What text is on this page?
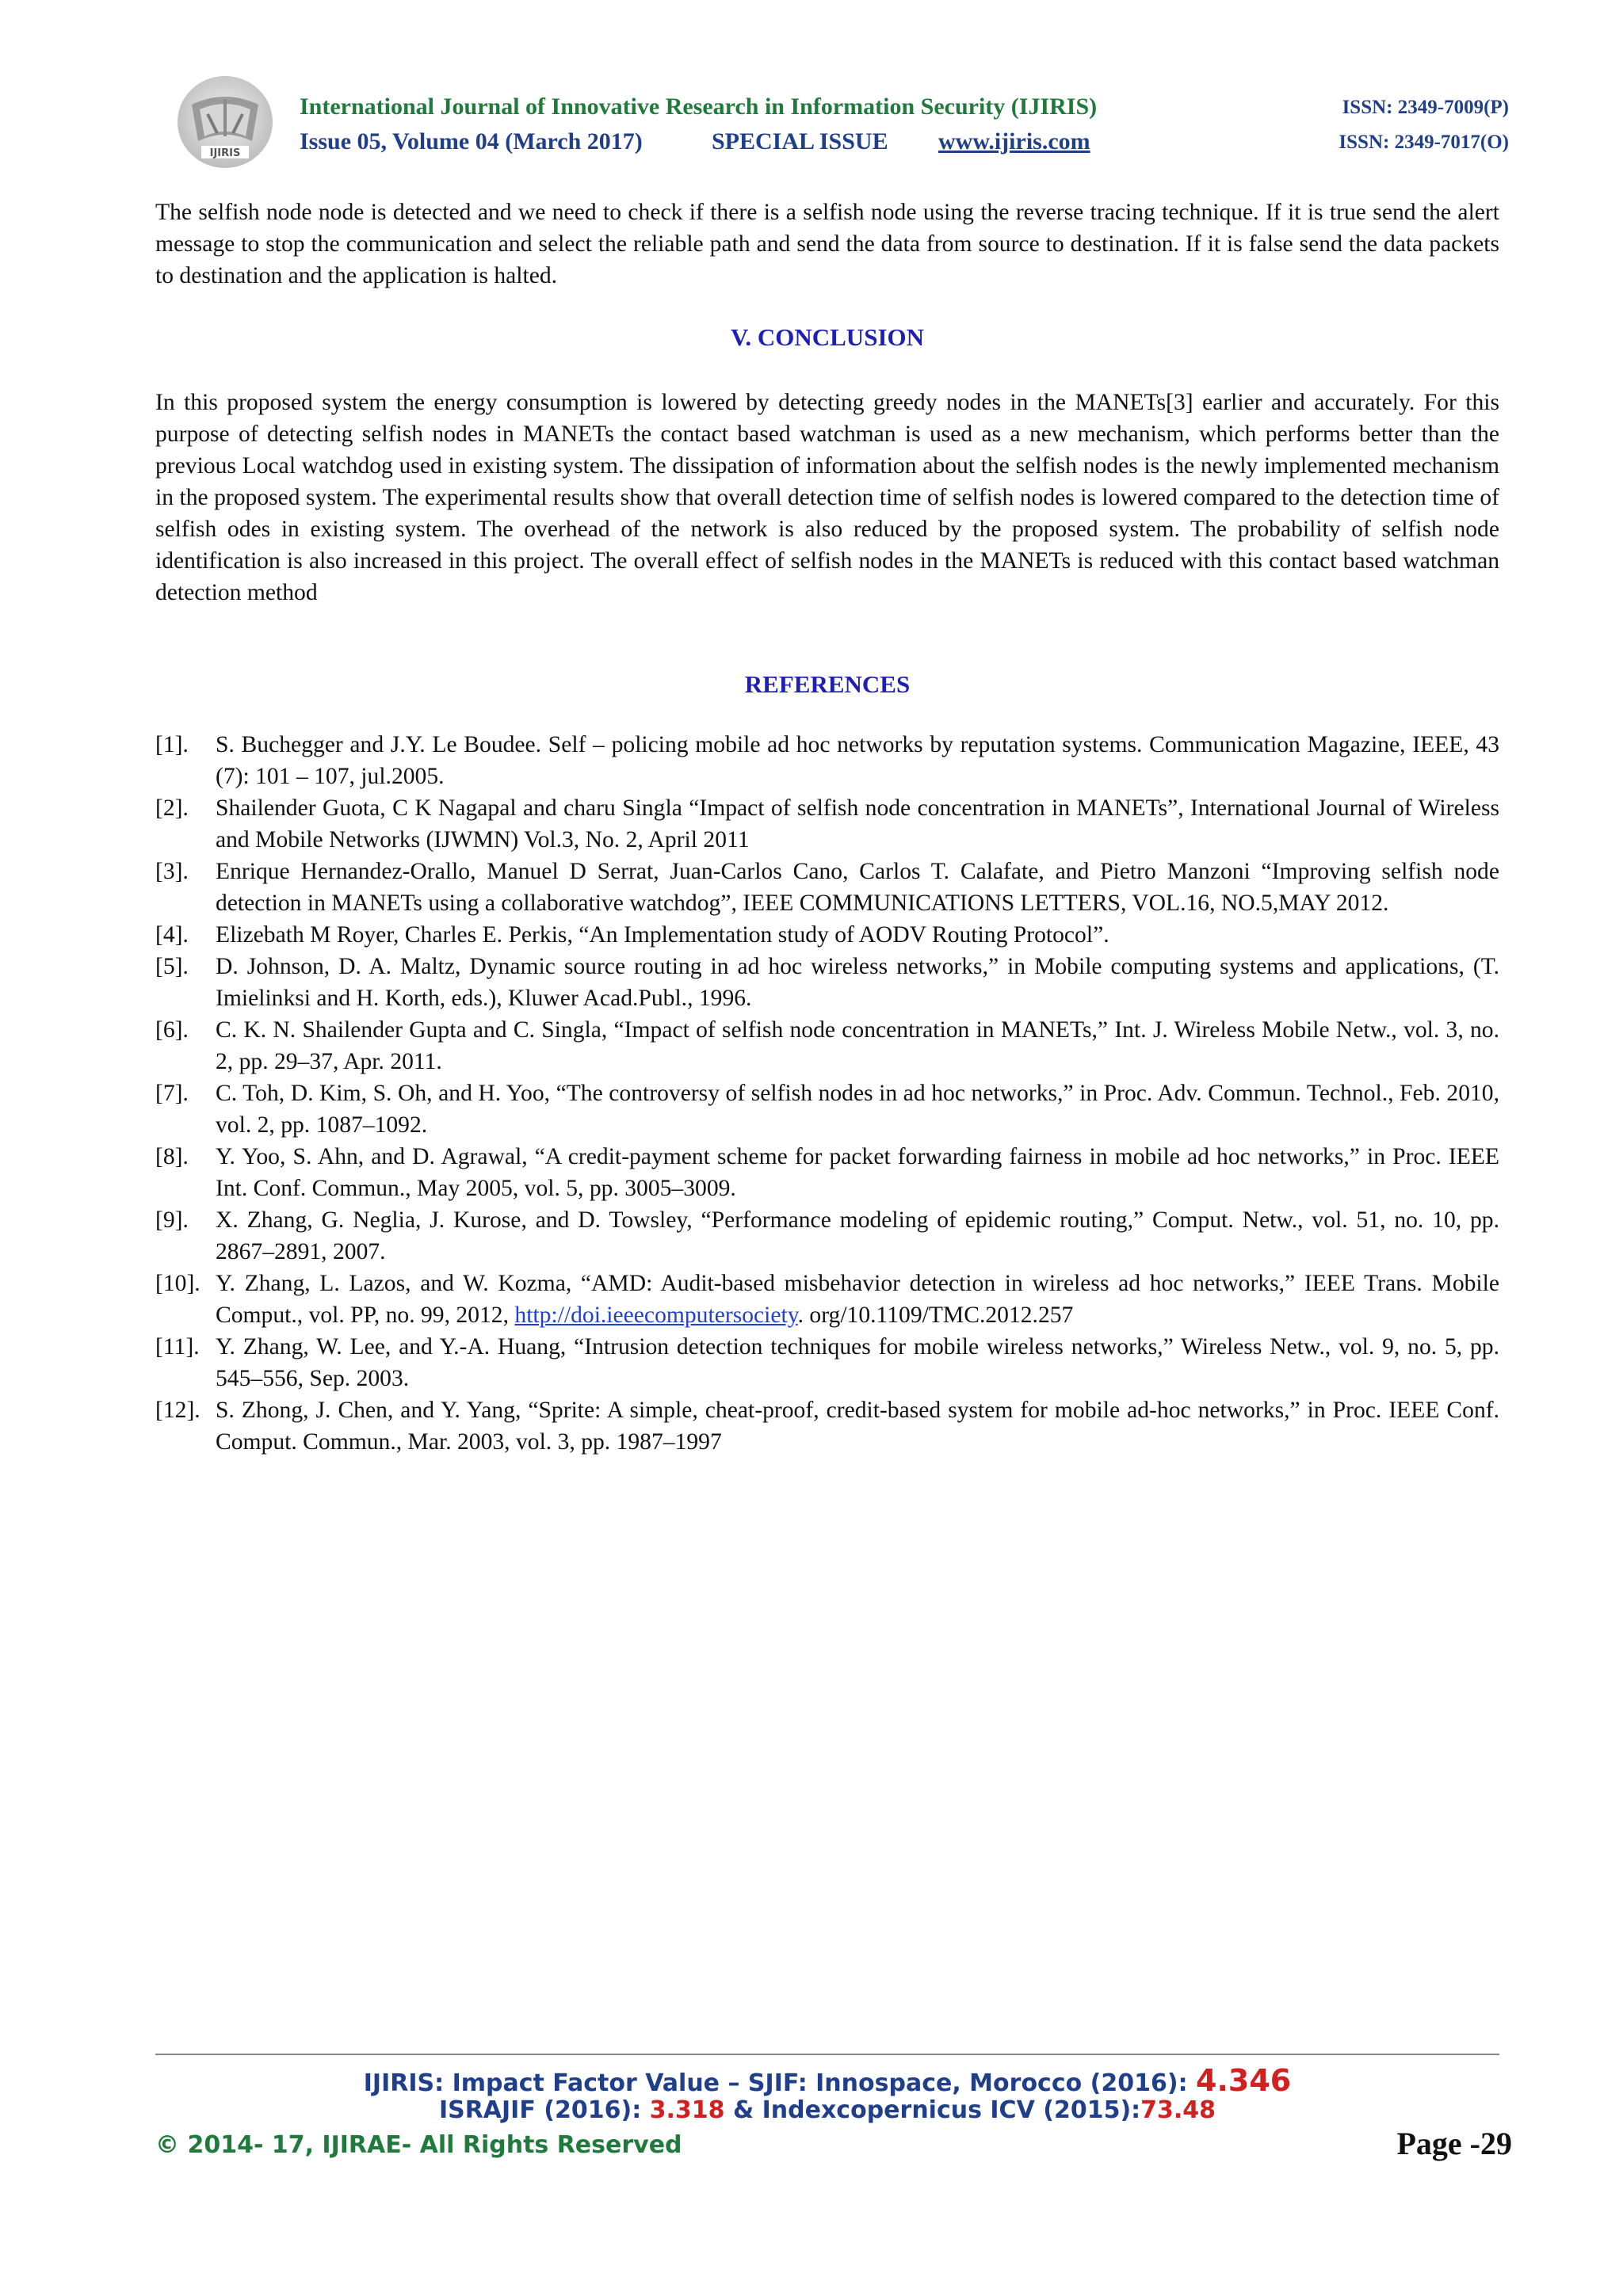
IJIRIS
International Journal of Innovative Research in Information Security (IJIRIS)	ISSN: 2349-7009(P)
Issue 05, Volume 04 (March 2017)	SPECIAL ISSUE www.ijiris.com	ISSN: 2349-7017(O)

The selfish node node is detected and we need to check if there is a selfish node using the reverse tracing technique. If it is true send the alert message to stop the communication and select the reliable path and send the data from source to destination. If it is false send the data packets to destination and the application is halted.

V. CONCLUSION

In this proposed system the energy consumption is lowered by detecting greedy nodes in the MANETs[3] earlier and accurately. For this purpose of detecting selfish nodes in MANETs the contact based watchman is used as a new mechanism, which performs better than the previous Local watchdog used in existing system. The dissipation of information about the selfish nodes is the newly implemented mechanism in the proposed system. The experimental results show that overall detection time of selfish nodes is lowered compared to the detection time of selfish odes in existing system. The overhead of the network is also reduced by the proposed system. The probability of selfish node identification is also increased in this project. The overall effect of selfish nodes in the MANETs is reduced with this contact based watchman detection method

REFERENCES
[1]. S. Buchegger and J.Y. Le Boudee. Self – policing mobile ad hoc networks by reputation systems. Communication Magazine, IEEE, 43 (7): 101 – 107, jul.2005.
[2]. Shailender Guota, C K Nagapal and charu Singla “Impact of selfish node concentration in MANETs”, International Journal of Wireless and Mobile Networks (IJWMN) Vol.3, No. 2, April 2011
[3]. Enrique Hernandez-Orallo, Manuel D Serrat, Juan-Carlos Cano, Carlos T. Calafate, and Pietro Manzoni “Improving selfish node detection in MANETs using a collaborative watchdog”, IEEE COMMUNICATIONS LETTERS, VOL.16, NO.5,MAY 2012.
[4]. Elizebath M Royer, Charles E. Perkis, “An Implementation study of AODV Routing Protocol”.
[5]. D. Johnson, D. A. Maltz, Dynamic source routing in ad hoc wireless networks,” in Mobile computing systems and applications, (T. Imielinksi and H. Korth, eds.), Kluwer Acad.Publ., 1996.
[6]. C. K. N. Shailender Gupta and C. Singla, “Impact of selfish node concentration in MANETs,” Int. J. Wireless Mobile Netw., vol. 3, no. 2, pp. 29–37, Apr. 2011.
[7]. C. Toh, D. Kim, S. Oh, and H. Yoo, “The controversy of selfish nodes in ad hoc networks,” in Proc. Adv. Commun. Technol., Feb. 2010, vol. 2, pp. 1087–1092.
[8]. Y. Yoo, S. Ahn, and D. Agrawal, “A credit-payment scheme for packet forwarding fairness in mobile ad hoc networks,” in Proc. IEEE Int. Conf. Commun., May 2005, vol. 5, pp. 3005–3009.
[9]. X. Zhang, G. Neglia, J. Kurose, and D. Towsley, “Performance modeling of epidemic routing,” Comput. Netw., vol. 51, no. 10, pp. 2867–2891, 2007.
[10]. Y. Zhang, L. Lazos, and W. Kozma, “AMD: Audit-based misbehavior detection in wireless ad hoc networks,” IEEE Trans. Mobile Comput., vol. PP, no. 99, 2012, http://doi.ieeecomputersociety. org/10.1109/TMC.2012.257
[11]. Y. Zhang, W. Lee, and Y.-A. Huang, “Intrusion detection techniques for mobile wireless networks,” Wireless Netw., vol. 9, no. 5, pp. 545–556, Sep. 2003.
[12]. S. Zhong, J. Chen, and Y. Yang, “Sprite: A simple, cheat-proof, credit-based system for mobile ad-hoc networks,” in Proc. IEEE Conf. Comput. Commun., Mar. 2003, vol. 3, pp. 1987–1997
IJIRIS: Impact Factor Value – SJIF: Innospace, Morocco (2016): 4.346
ISRAJIF (2016): 3.318 & Indexcopernicus ICV (2015):73.48
© 2014- 17, IJIRAE- All Rights Reserved	Page -29
